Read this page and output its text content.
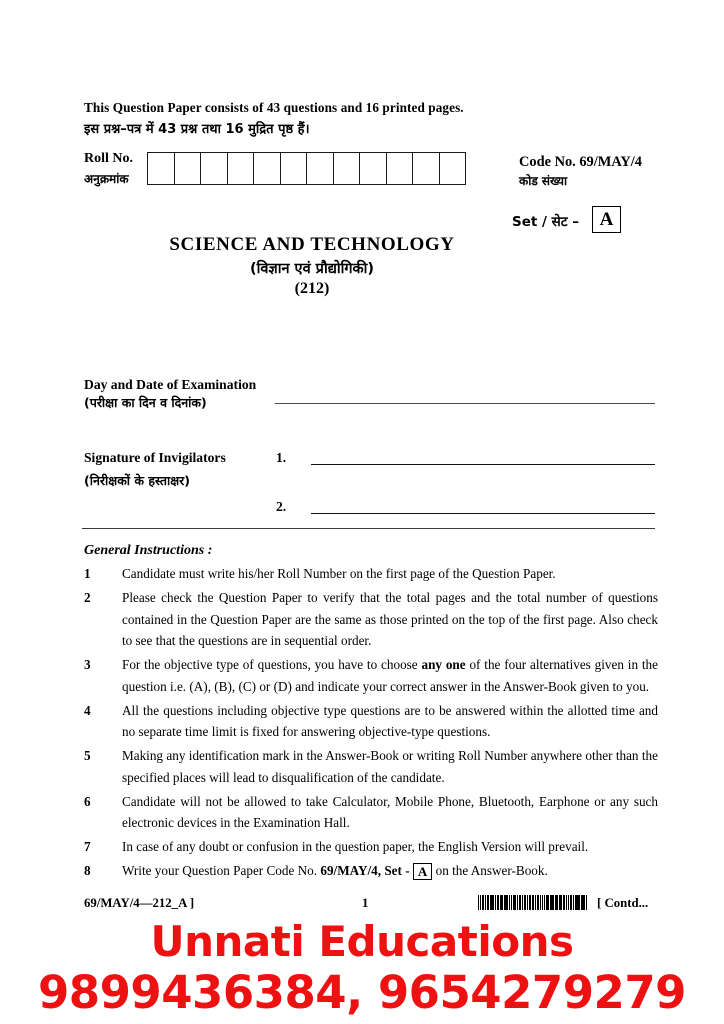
This Question Paper consists of 43 questions and 16 printed pages.
इस प्रश्न–पत्र में 43 प्रश्न तथा 16 मुद्रित पृष्ठ हैं।
Roll No.
अनुक्रमांक
Code No. 69/MAY/4
कोड संख्या
Set / सेट –	A
SCIENCE AND TECHNOLOGY
(विज्ञान एवं प्रौद्योगिकी)
(212)
Day and Date of Examination
(परीक्षा का दिन व दिनांक)
Signature of Invigilators
(निरीक्षकों के हस्ताक्षर)
1.
2.
General Instructions :
1	Candidate must write his/her Roll Number on the first page of the Question Paper.
2	Please check the Question Paper to verify that the total pages and the total number of questions contained in the Question Paper are the same as those printed on the top of the first page. Also check to see that the questions are in sequential order.
3	For the objective type of questions, you have to choose any one of the four alternatives given in the question i.e. (A), (B), (C) or (D) and indicate your correct answer in the Answer-Book given to you.
4	All the questions including objective type questions are to be answered within the allotted time and no separate time limit is fixed for answering objective-type questions.
5	Making any identification mark in the Answer-Book or writing Roll Number anywhere other than the specified places will lead to disqualification of the candidate.
6	Candidate will not be allowed to take Calculator, Mobile Phone, Bluetooth, Earphone or any such electronic devices in the Examination Hall.
7	In case of any doubt or confusion in the question paper, the English Version will prevail.
8	Write your Question Paper Code No. 69/MAY/4, Set - A on the Answer-Book.
69/MAY/4—212_A ]	1	[ Contd...
Unnati Educations
9899436384, 9654279279
